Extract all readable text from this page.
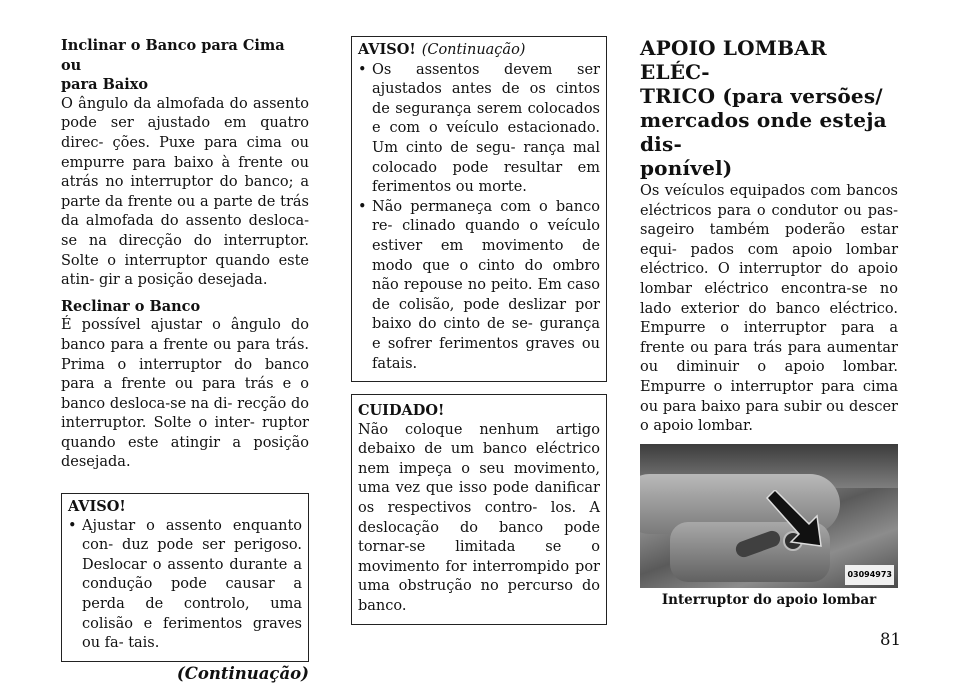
Inclinar o Banco para Cima ou
para Baixo

O ângulo da almofada do assento pode ser ajustado em quatro direc- ções. Puxe para cima ou empurre para baixo à frente ou atrás no interruptor do banco; a parte da frente ou a parte de trás da almofada do assento desloca-se na direcção do interruptor. Solte o interruptor quando este atin- gir a posição desejada.

Reclinar o Banco

É possível ajustar o ângulo do banco para a frente ou para trás. Prima o interruptor do banco para a frente ou para trás e o banco desloca-se na di- recção do interruptor. Solte o inter- ruptor quando este atingir a posição desejada.

AVISO!
• Ajustar o assento enquanto con- duz pode ser perigoso. Deslocar o assento durante a condução pode causar a perda de controlo, uma colisão e ferimentos graves ou fa- tais.
(Continuação)
AVISO! (Continuação)
• Os assentos devem ser ajustados antes de os cintos de segurança serem colocados e com o veículo estacionado. Um cinto de segu- rança mal colocado pode resultar em ferimentos ou morte.
• Não permaneça com o banco re- clinado quando o veículo estiver em movimento de modo que o cinto do ombro não repouse no peito. Em caso de colisão, pode deslizar por baixo do cinto de se- gurança e sofrer ferimentos graves ou fatais.
CUIDADO!

Não coloque nenhum artigo debaixo de um banco eléctrico nem impeça o seu movimento, uma vez que isso pode danificar os respectivos contro- los. A deslocação do banco pode tornar-se limitada se o movimento for interrompido por uma obstrução no percurso do banco.

APOIO LOMBAR ELÉC-
TRICO (para versões/
mercados onde esteja dis-
ponível)

Os veículos equipados com bancos eléctricos para o condutor ou pas- sageiro também poderão estar equi- pados com apoio lombar eléctrico. O interruptor do apoio lombar eléctrico encontra-se no lado exterior do banco eléctrico. Empurre o interruptor para a frente ou para trás para aumentar ou diminuir o apoio lombar. Empurre o interruptor para cima ou para baixo para subir ou descer o apoio lombar.

03094973
Interruptor do apoio lombar
81
